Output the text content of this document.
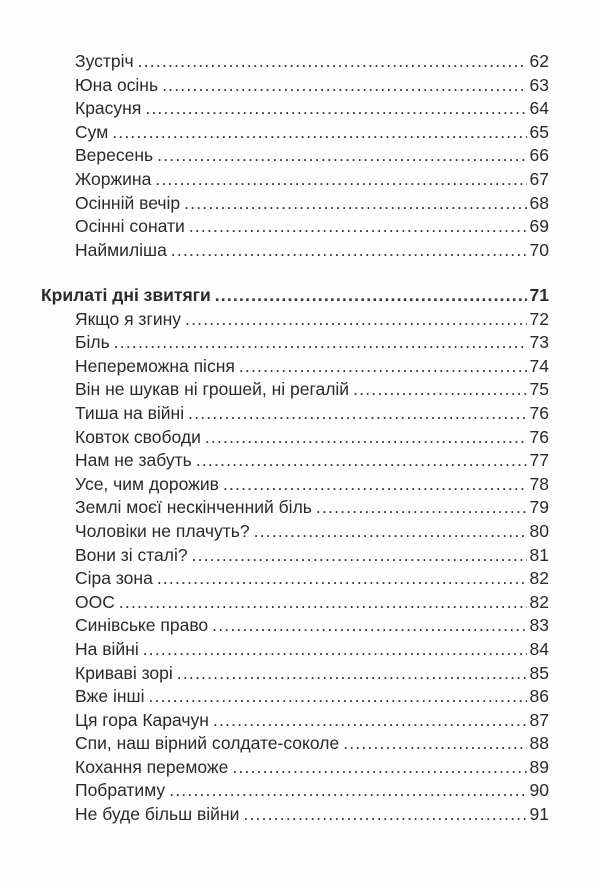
Зустріч .....	62
Юна осінь .....	63
Красуня .....	64
Сум .....	65
Вересень .....	66
Жоржина .....	67
Осінній вечір .....	68
Осінні сонати .....	69
Наймиліша .....	70
Крилаті дні звитяги .....	71
Якщо я згину .....	72
Біль .....	73
Непереможна пісня .....	74
Він не шукав ні грошей, ні регалій .....	75
Тиша на війні .....	76
Ковток свободи .....	76
Нам не забуть .....	77
Усе, чим дорожив .....	78
Землі моєї нескінченний біль .....	79
Чоловіки не плачуть? .....	80
Вони зі сталі? .....	81
Сіра зона .....	82
ООС .....	82
Синівське право .....	83
На війні .....	84
Криваві зорі .....	85
Вже інші .....	86
Ця гора Карачун .....	87
Спи, наш вірний солдате-соколе .....	88
Кохання переможе .....	89
Побратиму .....	90
Не буде більш війни .....	91
